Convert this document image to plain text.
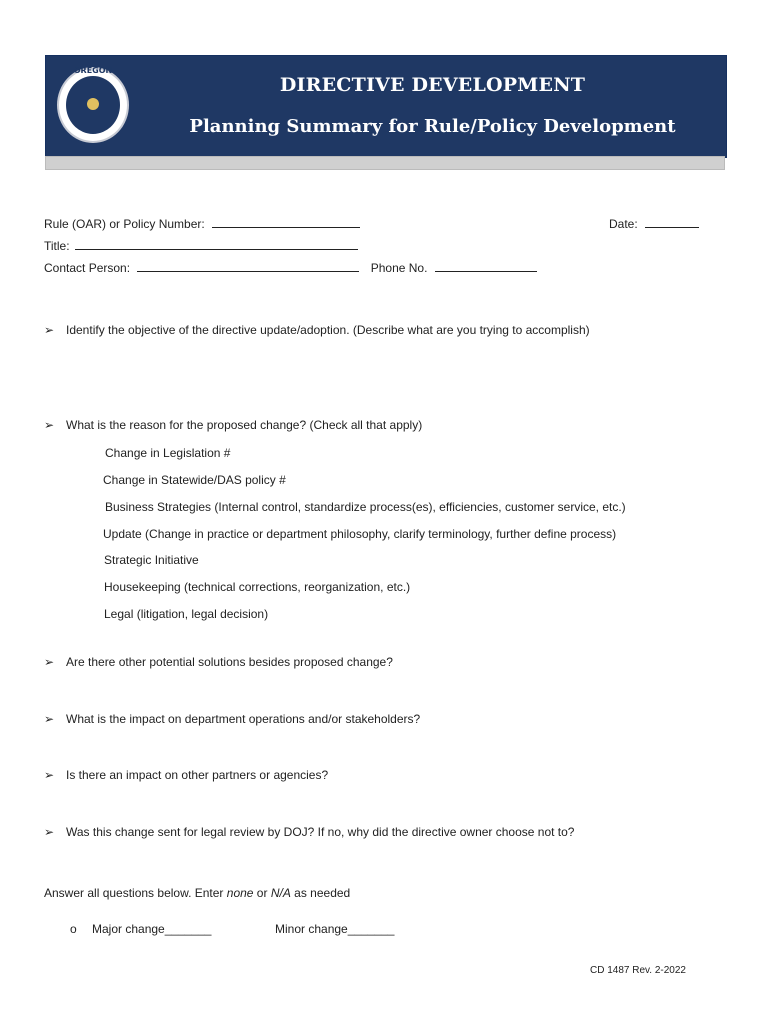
OREGON
DIRECTIVE DEVELOPMENT
Planning Summary for Rule/Policy Development
Rule (OAR) or Policy Number:	Date:
Title:
Contact Person:	Phone No.
➢ Identify the objective of the directive update/adoption. (Describe what are you trying to accomplish)
➢ What is the reason for the proposed change? (Check all that apply)
Change in Legislation #
Change in Statewide/DAS policy #
Business Strategies (Internal control, standardize process(es), efficiencies, customer service, etc.)
Update (Change in practice or department philosophy, clarify terminology, further define process)
Strategic Initiative
Housekeeping (technical corrections, reorganization, etc.)
Legal (litigation, legal decision)
➢ Are there other potential solutions besides proposed change?
➢ What is the impact on department operations and/or stakeholders?
➢ Is there an impact on other partners or agencies?
➢ Was this change sent for legal review by DOJ? If no, why did the directive owner choose not to?
Answer all questions below. Enter none or N/A as needed
o Major change_______	Minor change_______
CD 1487 Rev. 2-2022
